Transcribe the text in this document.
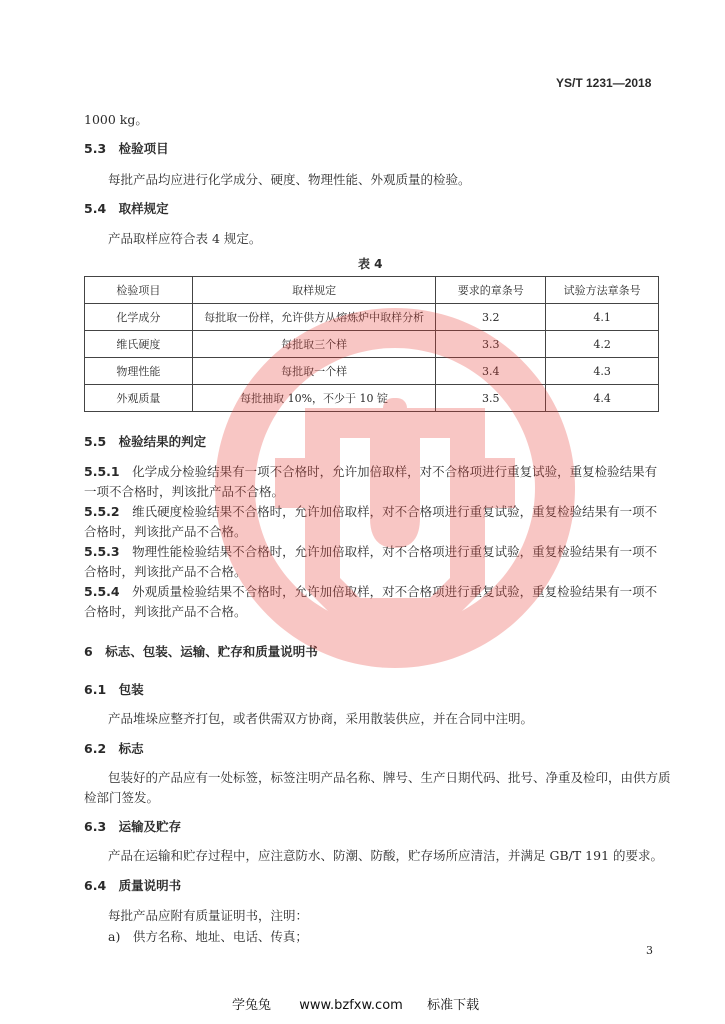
YS/T 1231—2018
1000 kg。
5.3　 检验项目
每批产品均应进行化学成分、硬度、物理性能、外观质量的检验。
5.4　 取样规定
产品取样应符合表 4 规定。
表 4
检验项目	取样规定	要求的章条号	试验方法章条号
化学成分	每批取一份样，允许供方从熔炼炉中取样分析	3.2	4.1
维氏硬度	每批取三个样	3.3	4.2
物理性能	每批取一个样	3.4	4.3
外观质量	每批抽取 10%，不少于 10 锭	3.5	4.4
5.5　 检验结果的判定
5.5.1　 化学成分检验结果有一项不合格时，允许加倍取样，对不合格项进行重复试验，重复检验结果有
一项不合格时，判该批产品不合格。
5.5.2　 维氏硬度检验结果不合格时，允许加倍取样，对不合格项进行重复试验，重复检验结果有一项不
合格时，判该批产品不合格。
5.5.3　 物理性能检验结果不合格时，允许加倍取样，对不合格项进行重复试验，重复检验结果有一项不
合格时，判该批产品不合格。
5.5.4　 外观质量检验结果不合格时，允许加倍取样，对不合格项进行重复试验，重复检验结果有一项不
合格时，判该批产品不合格。
6　 标志、包装、运输、贮存和质量说明书
6.1　 包装
产品堆垛应整齐打包，或者供需双方协商，采用散装供应，并在合同中注明。
6.2　 标志
包装好的产品应有一处标签，标签注明产品名称、牌号、生产日期代码、批号、净重及检印，由供方质
检部门签发。
6.3　 运输及贮存
产品在运输和贮存过程中，应注意防水、防潮、防酸，贮存场所应清洁，并满足 GB/T 191 的要求。
6.4　 质量说明书
每批产品应附有质量证明书，注明：
a)　供方名称、地址、电话、传真；
3
学兔兔 www.bzfxw.com 标准下载
